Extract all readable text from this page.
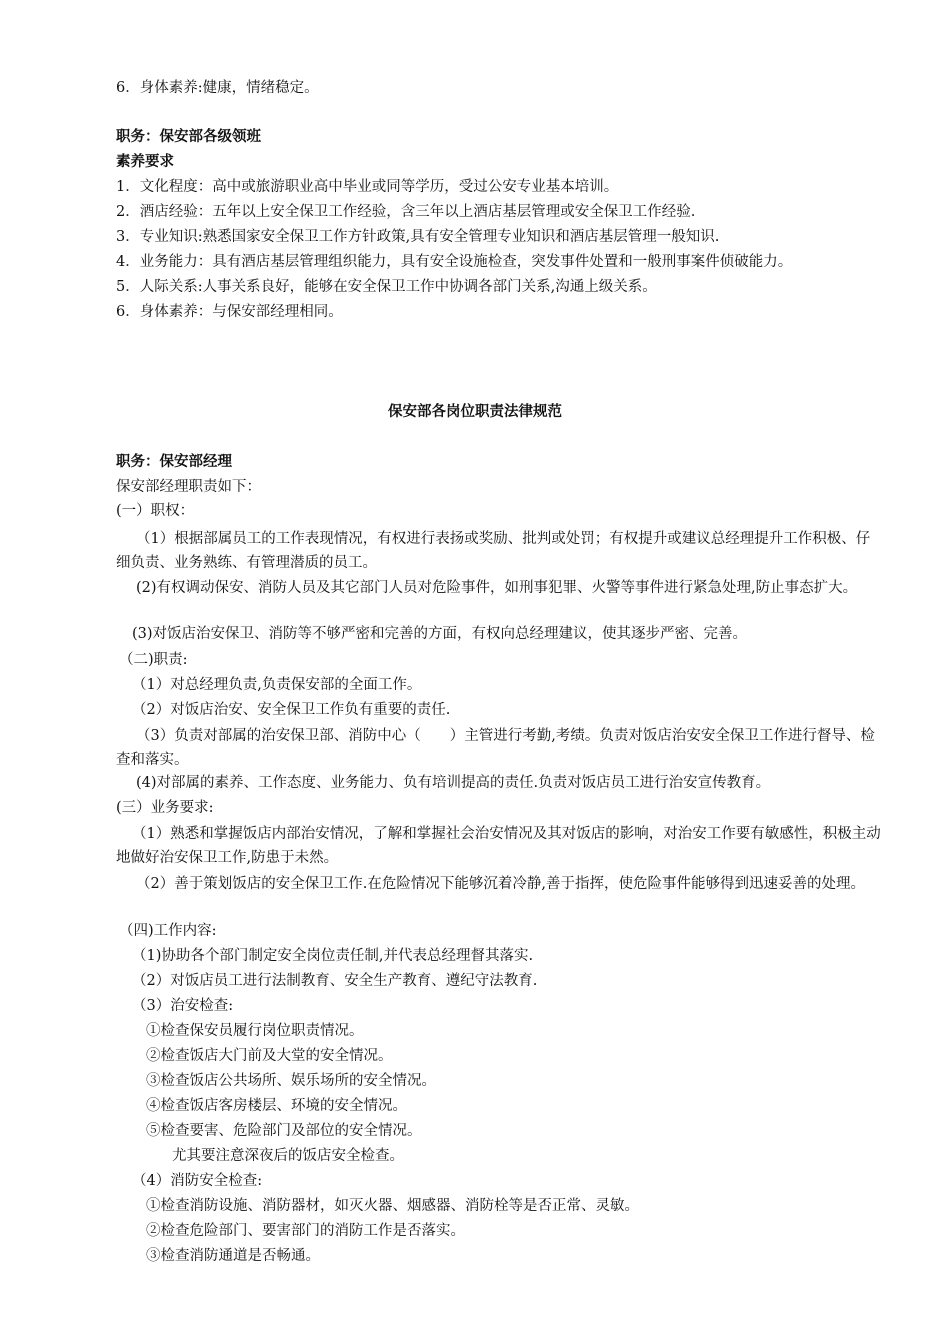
6．身体素养:健康，情绪稳定。
职务：保安部各级领班
素养要求
1．文化程度：高中或旅游职业高中毕业或同等学历，受过公安专业基本培训。
2．酒店经验：五年以上安全保卫工作经验，含三年以上酒店基层管理或安全保卫工作经验.
3．专业知识:熟悉国家安全保卫工作方针政策,具有安全管理专业知识和酒店基层管理一般知识.
4．业务能力：具有酒店基层管理组织能力，具有安全设施检查，突发事件处置和一般刑事案件侦破能力。
5．人际关系:人事关系良好，能够在安全保卫工作中协调各部门关系,沟通上级关系。
6．身体素养：与保安部经理相同。
保安部各岗位职责法律规范
职务：保安部经理
保安部经理职责如下：
(一）职权：
（1）根据部属员工的工作表现情况，有权进行表扬或奖励、批判或处罚；有权提升或建议总经理提升工作积极、仔细负责、业务熟练、有管理潜质的员工。
(2)有权调动保安、消防人员及其它部门人员对危险事件，如刑事犯罪、火警等事件进行紧急处理,防止事态扩大。
(3)对饭店治安保卫、消防等不够严密和完善的方面，有权向总经理建议，使其逐步严密、完善。
（二)职责:
（1）对总经理负责,负责保安部的全面工作。
（2）对饭店治安、安全保卫工作负有重要的责任.
（3）负责对部属的治安保卫部、消防中心（　　）主管进行考勤,考绩。负责对饭店治安安全保卫工作进行督导、检查和落实。
(4)对部属的素养、工作态度、业务能力、负有培训提高的责任.负责对饭店员工进行治安宣传教育。
(三）业务要求:
（1）熟悉和掌握饭店内部治安情况，了解和掌握社会治安情况及其对饭店的影响，对治安工作要有敏感性，积极主动地做好治安保卫工作,防患于未然。
（2）善于策划饭店的安全保卫工作.在危险情况下能够沉着冷静,善于指挥，使危险事件能够得到迅速妥善的处理。
（四)工作内容:
（1)协助各个部门制定安全岗位责任制,并代表总经理督其落实.
（2）对饭店员工进行法制教育、安全生产教育、遵纪守法教育.
（3）治安检查:
①检查保安员履行岗位职责情况。
②检查饭店大门前及大堂的安全情况。
③检查饭店公共场所、娱乐场所的安全情况。
④检查饭店客房楼层、环境的安全情况。
⑤检查要害、危险部门及部位的安全情况。
尤其要注意深夜后的饭店安全检查。
（4）消防安全检查:
①检查消防设施、消防器材，如灭火器、烟感器、消防栓等是否正常、灵敏。
②检查危险部门、要害部门的消防工作是否落实。
③检查消防通道是否畅通。
